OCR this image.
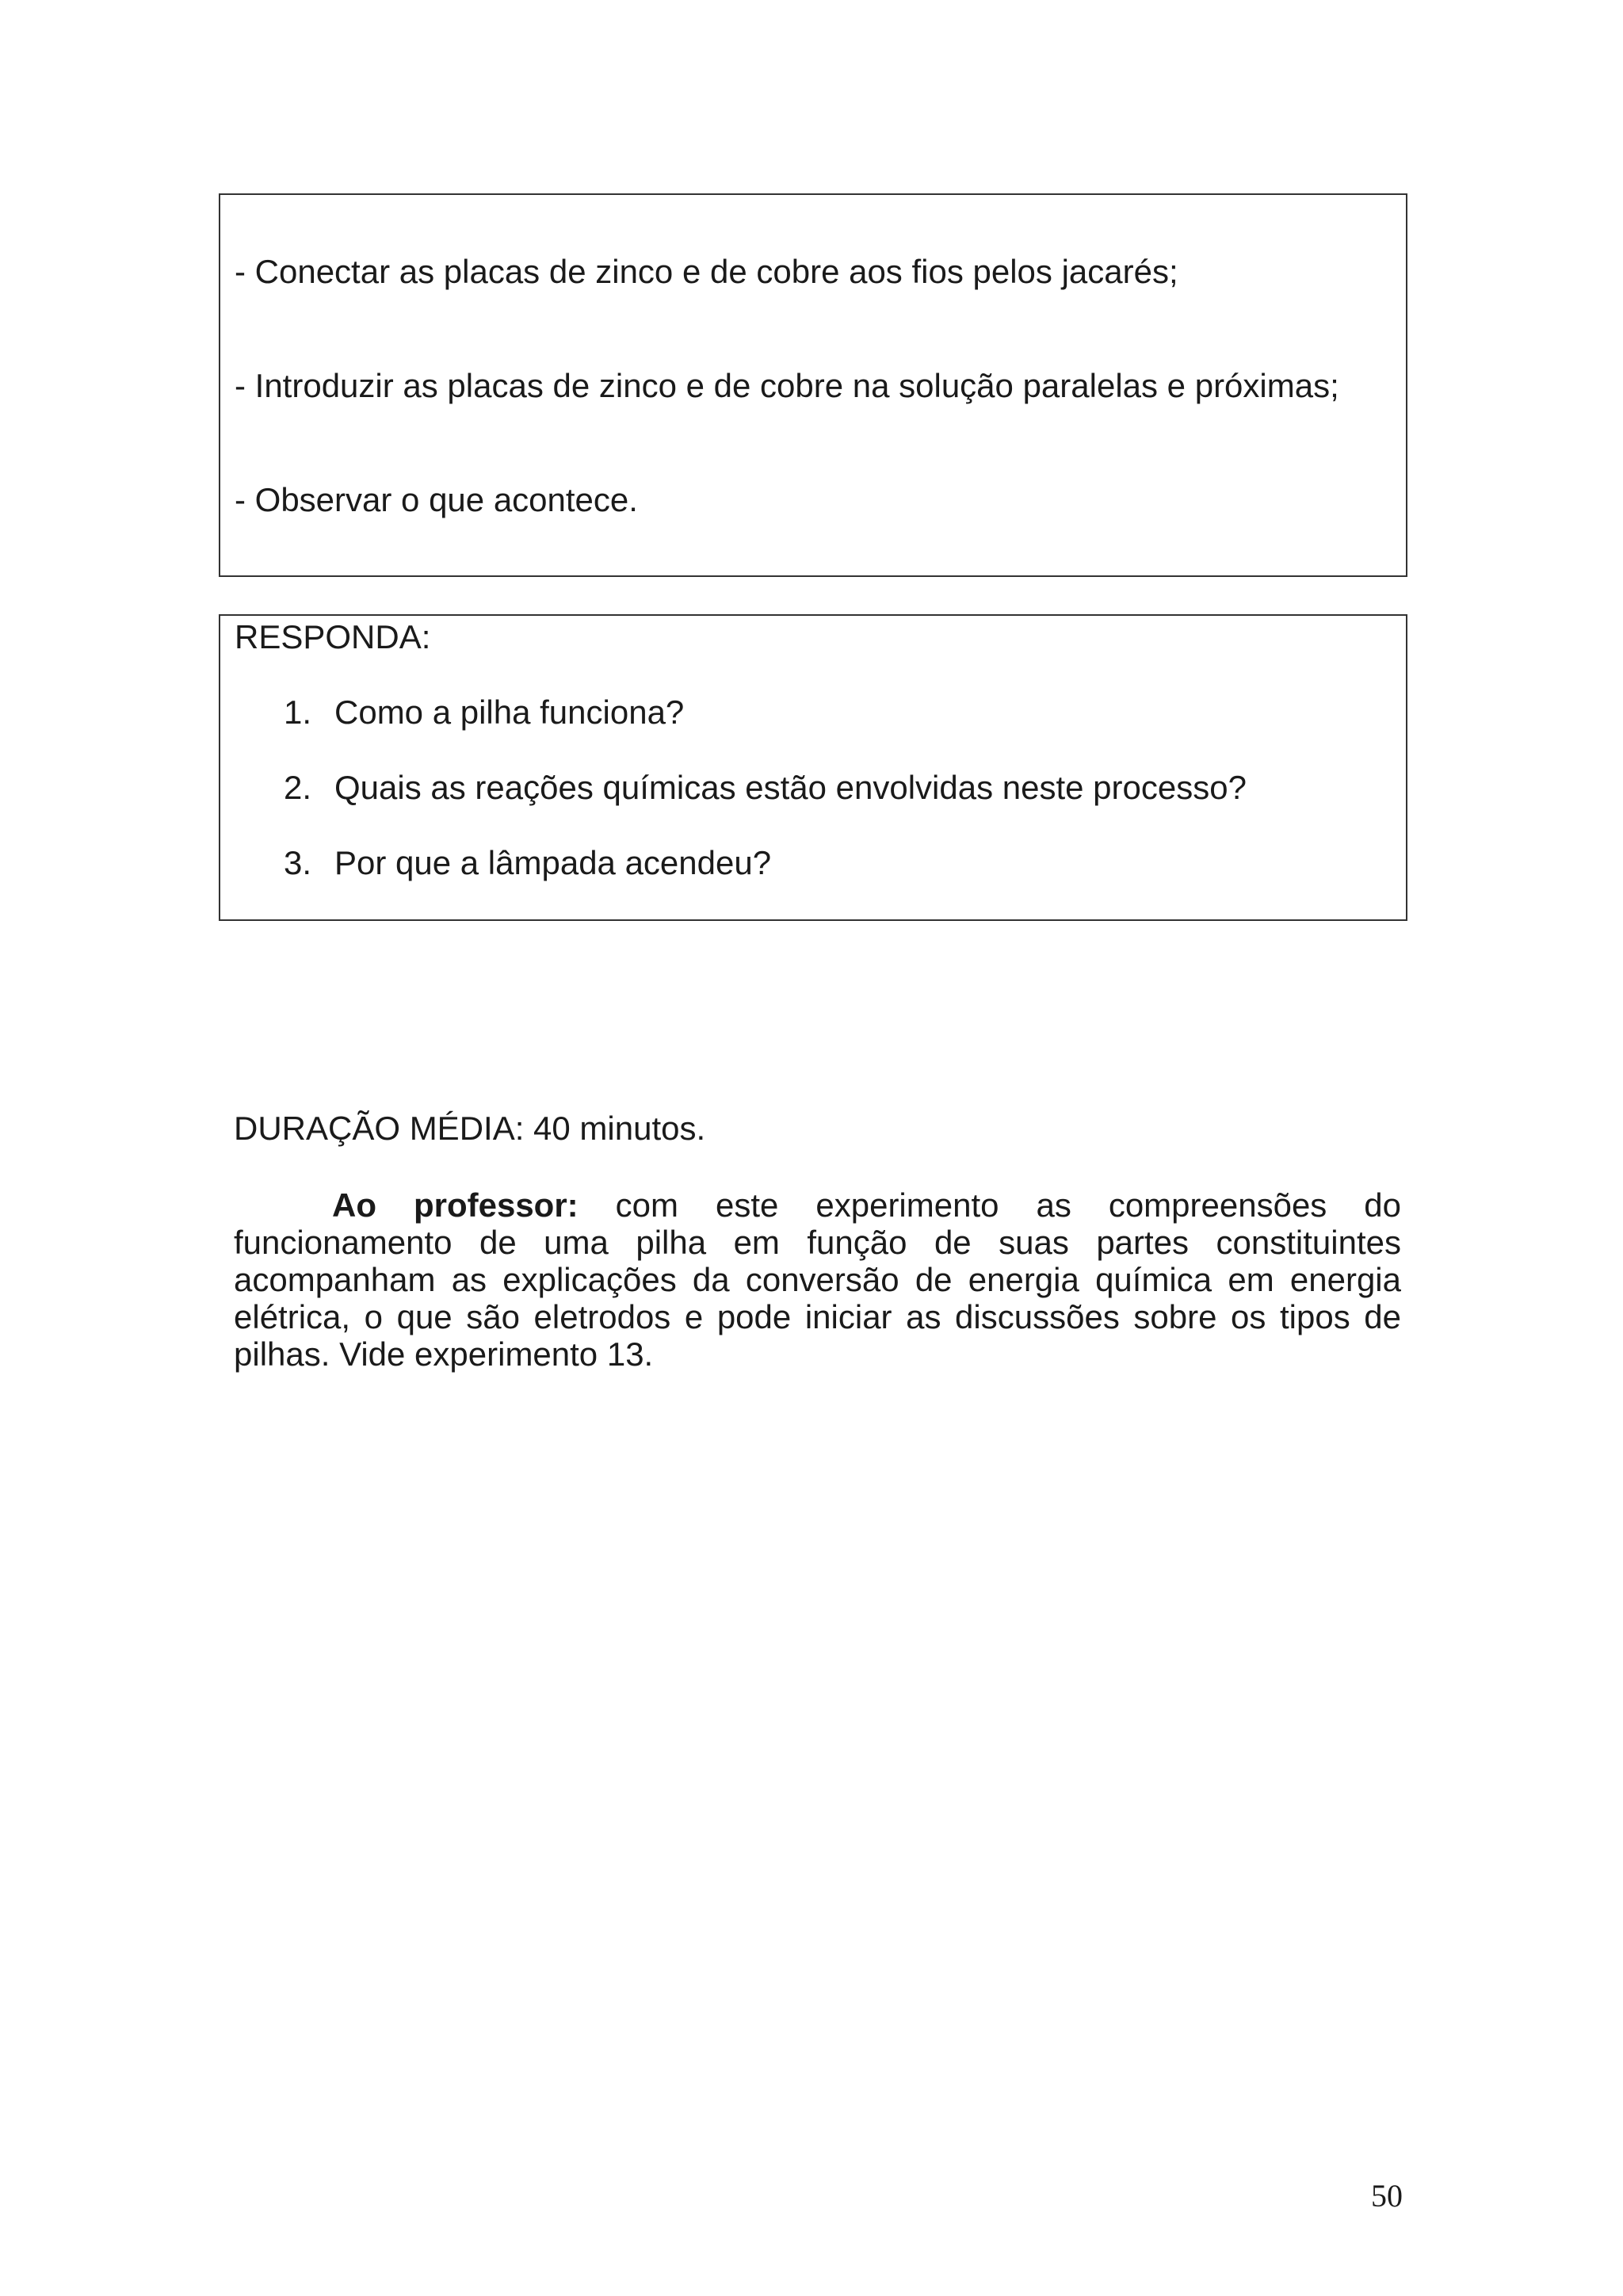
- Conectar as placas de zinco e de cobre aos fios pelos jacarés;
- Introduzir as placas de zinco e de cobre na solução paralelas e próximas;
- Observar o que acontece.
RESPONDA:
1. Como a pilha funciona?
2. Quais as reações químicas estão envolvidas neste processo?
3. Por que a lâmpada acendeu?
DURAÇÃO MÉDIA: 40 minutos.
Ao professor: com este experimento as compreensões do funcionamento de uma pilha em função de suas partes constituintes acompanham as explicações da conversão de energia química em energia elétrica, o que são eletrodos e pode iniciar as discussões sobre os tipos de pilhas. Vide experimento 13.
50
